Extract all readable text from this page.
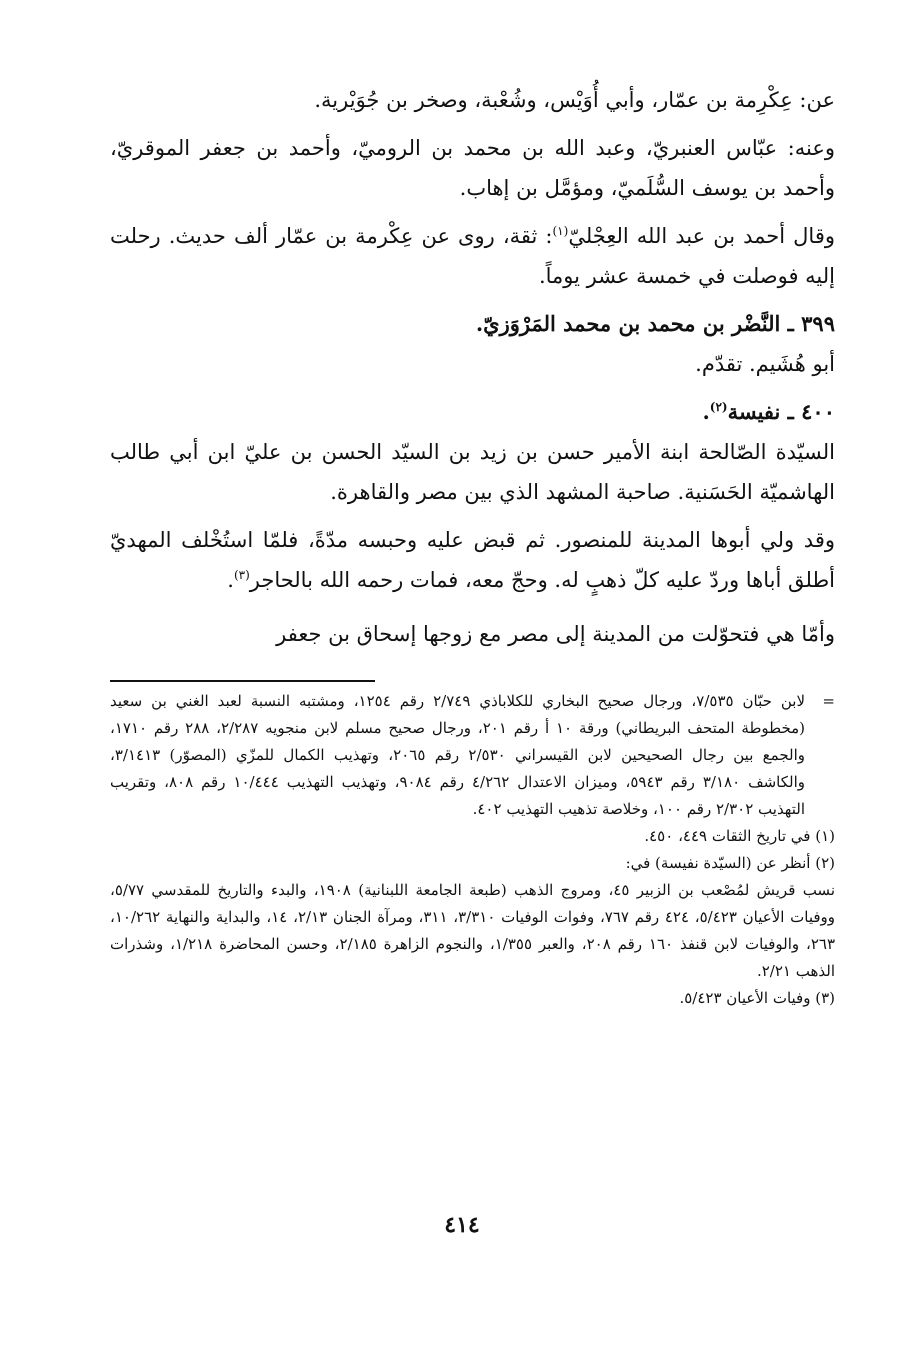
عن: عِكْرِمة بن عمّار، وأبي أُوَيْس، وشُعْبة، وصخر بن جُوَيْرية.

وعنه: عبّاس العنبريّ، وعبد الله بن محمد بن الروميّ، وأحمد بن جعفر الموقريّ، وأحمد بن يوسف السُّلَميّ، ومؤمَّل بن إهاب.

وقال أحمد بن عبد الله العِجْليّ$^{(١)}$: ثقة، روى عن عِكْرمة بن عمّار ألف حديث. رحلت إليه فوصلت في خمسة عشر يوماً.

٣٩٩ ـ النَّضْر بن محمد بن محمد المَرْوَزيّ.

أبو هُشَيم. تقدّم.

٤٠٠ ـ نفيسة$^{(٢)}$.

السيّدة الصّالحة ابنة الأمير حسن بن زيد بن السيّد الحسن بن عليّ ابن أبي طالب الهاشميّة الحَسَنية. صاحبة المشهد الذي بين مصر والقاهرة.

وقد ولي أبوها المدينة للمنصور. ثم قبض عليه وحبسه مدّةً، فلمّا استُخْلف المهديّ أطلق أباها وردّ عليه كلّ ذهبٍ له. وحجّ معه، فمات رحمه الله بالحاجر$^{(٣)}$.

وأمّا هي فتحوّلت من المدينة إلى مصر مع زوجها إسحاق بن جعفر

=
لابن حبّان ٧/٥٣٥، ورجال صحيح البخاري للكلاباذي ٢/٧٤٩ رقم ١٢٥٤، ومشتبه النسبة لعبد الغني بن سعيد (مخطوطة المتحف البريطاني) ورقة ١٠ أ رقم ٢٠١، ورجال صحيح مسلم لابن منجويه ٢/٢٨٧، ٢٨٨ رقم ١٧١٠، والجمع بين رجال الصحيحين لابن القيسراني ٢/٥٣٠ رقم ٢٠٦٥، وتهذيب الكمال للمزّي (المصوّر) ٣/١٤١٣، والكاشف ٣/١٨٠ رقم ٥٩٤٣، وميزان الاعتدال ٤/٢٦٢ رقم ٩٠٨٤، وتهذيب التهذيب ١٠/٤٤٤ رقم ٨٠٨، وتقريب التهذيب ٢/٣٠٢ رقم ١٠٠، وخلاصة تذهيب التهذيب ٤٠٢.

(١) في تاريخ الثقات ٤٤٩، ٤٥٠.

(٢) أنظر عن (السيّدة نفيسة) في:

نسب قريش لمُصْعب بن الزبير ٤٥، ومروج الذهب (طبعة الجامعة اللبنانية) ١٩٠٨، والبدء والتاريخ للمقدسي ٥/٧٧، ووفيات الأعيان ٥/٤٢٣، ٤٢٤ رقم ٧٦٧، وفوات الوفيات ٣/٣١٠، ٣١١، ومرآة الجنان ٢/١٣، ١٤، والبداية والنهاية ١٠/٢٦٢، ٢٦٣، والوفيات لابن قنفذ ١٦٠ رقم ٢٠٨، والعبر ١/٣٥٥، والنجوم الزاهرة ٢/١٨٥، وحسن المحاضرة ١/٢١٨، وشذرات الذهب ٢/٢١.

(٣) وفيات الأعيان ٥/٤٢٣.

٤١٤
